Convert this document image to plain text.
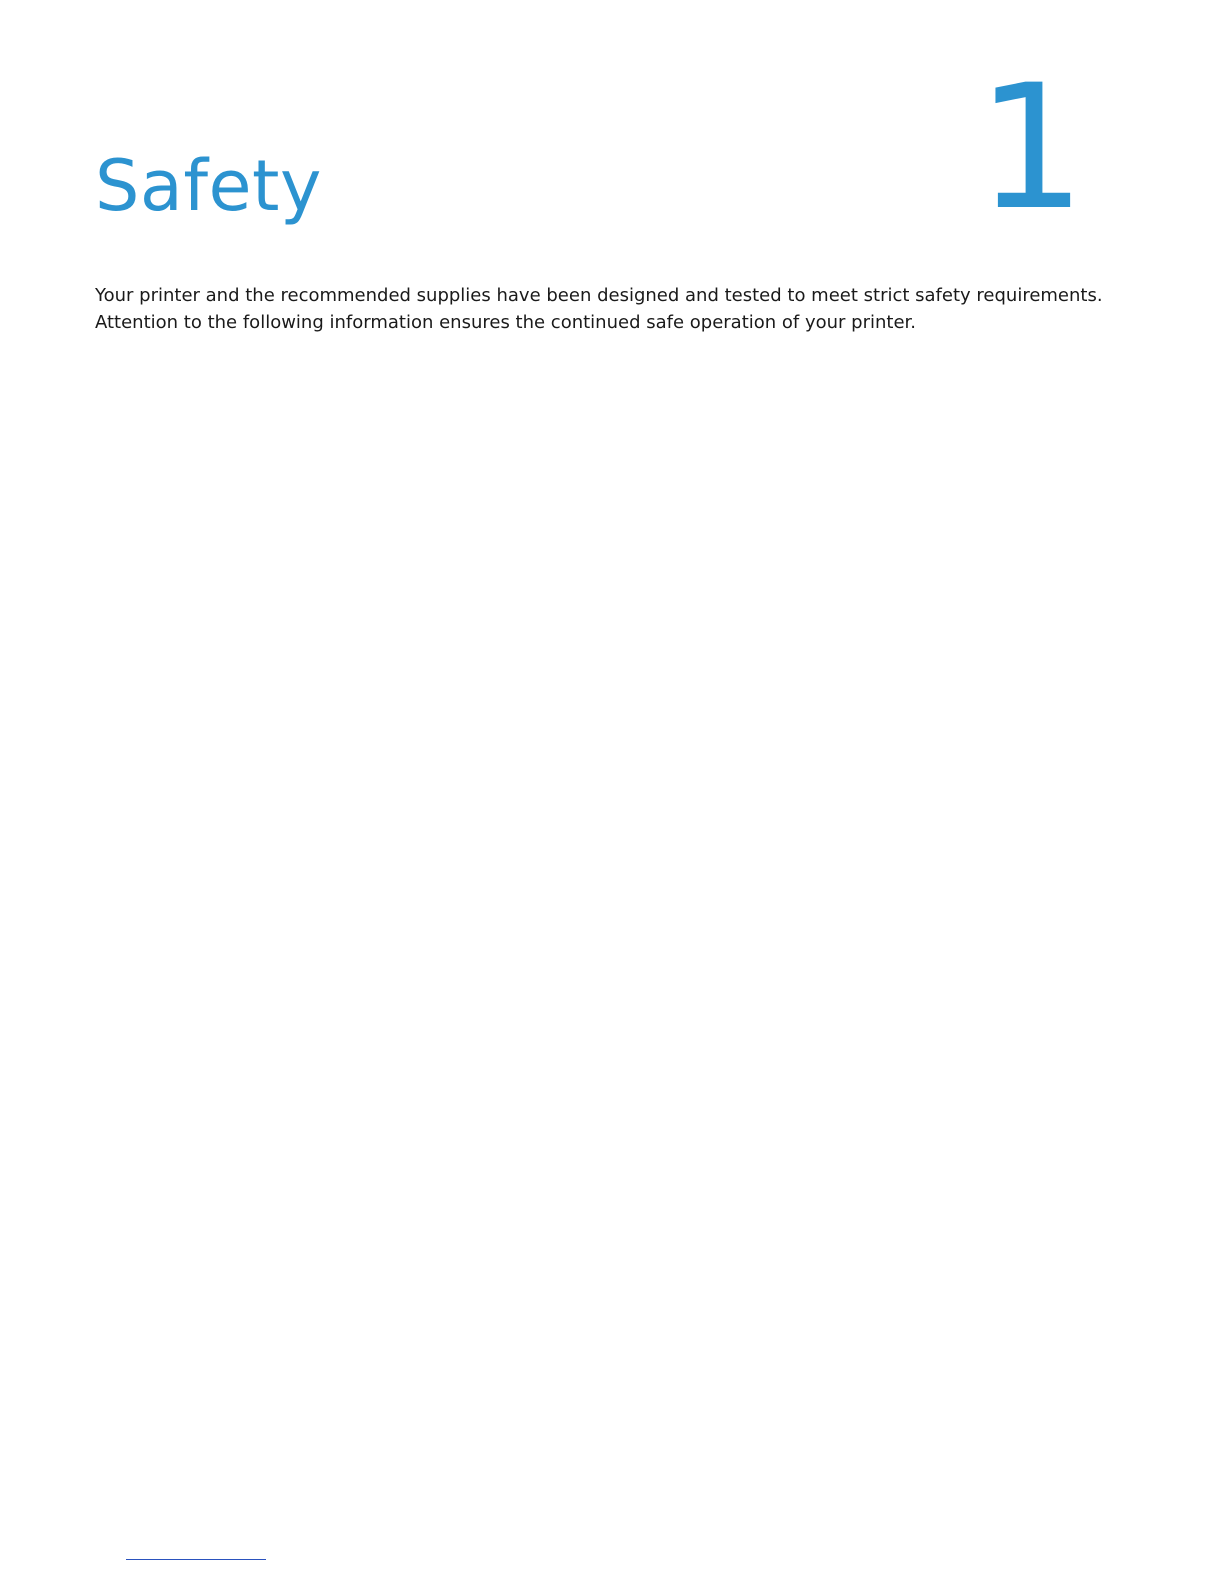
Safety	1

Your printer and the recommended supplies have been designed and tested to meet strict safety requirements.
Attention to the following information ensures the continued safe operation of your printer.
